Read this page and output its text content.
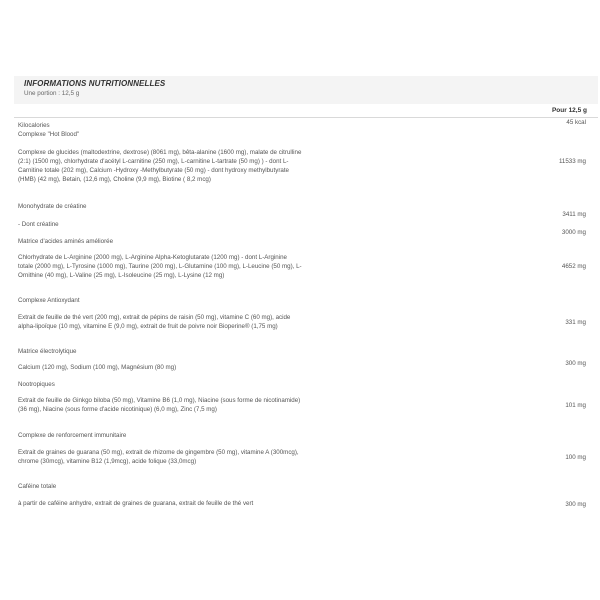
INFORMATIONS NUTRITIONNELLES
Une portion : 12,5 g
Pour 12,5 g
Kilocalories	45 kcal
Complexe "Hot Blood"
Complexe de glucides (maltodextrine, dextrose) (8061 mg), bêta-alanine (1600 mg), malate de citrulline (2:1) (1500 mg), chlorhydrate d'acétyl L-carnitine (250 mg), L-carnitine L-tartrate (50 mg) ) - dont L-Carnitine totale (202 mg), Calcium -Hydroxy -Methylbutyrate (50 mg) - dont hydroxy methylbutyrate (HMB) (42 mg), Betain, (12,6 mg), Choline (9,9 mg), Biotine ( 8,2 mcg)
11533 mg
Monohydrate de créatine
3411 mg
- Dont créatine
3000 mg
Matrice d'acides aminés améliorée
Chlorhydrate de L-Arginine (2000 mg), L-Arginine Alpha-Ketoglutarate (1200 mg) - dont L-Arginine totale (2000 mg), L-Tyrosine (1000 mg), Taurine (200 mg), L-Glutamine (100 mg), L-Leucine (50 mg), L-Ornithine (40 mg), L-Valine (25 mg), L-Isoleucine (25 mg), L-Lysine (12 mg)
4652 mg
Complexe Antioxydant
Extrait de feuille de thé vert (200 mg), extrait de pépins de raisin (50 mg), vitamine C (60 mg), acide alpha-lipoïque (10 mg), vitamine E (9,0 mg), extrait de fruit de poivre noir Bioperine® (1,75 mg)
331 mg
Matrice électrolytique
Calcium (120 mg), Sodium (100 mg), Magnésium (80 mg)
300 mg
Nootropiques
Extrait de feuille de Ginkgo biloba (50 mg), Vitamine B6 (1,0 mg), Niacine (sous forme de nicotinamide) (36 mg), Niacine (sous forme d'acide nicotinique) (6,0 mg), Zinc (7,5 mg)
101 mg
Complexe de renforcement immunitaire
Extrait de graines de guarana (50 mg), extrait de rhizome de gingembre (50 mg), vitamine A (300mcg), chrome (30mcg), vitamine B12 (1,9mcg), acide folique (33,0mcg)
100 mg
Caféine totale
à partir de caféine anhydre, extrait de graines de guarana, extrait de feuille de thé vert	300 mg
